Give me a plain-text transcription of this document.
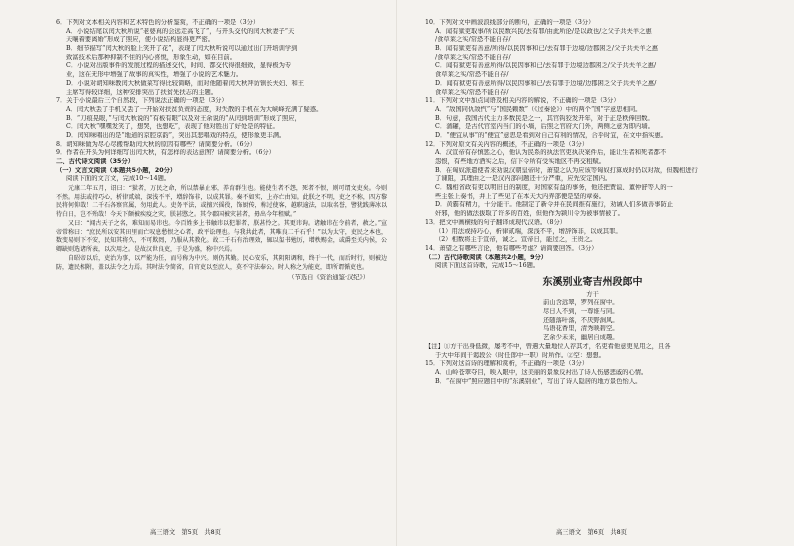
6．下列对文本相关内容和艺术特色的分析鉴赏，不正确的一项是（3分）
A．小说结尾以闰大秋所说“老婆真的会远走高飞了”，与开头交代的闰大秋妻子“天
天嚷着要离婚”形成了照应，使小说结构显得更严密。
B．细节描写“闰大秋的脸上笑开了花”，表现了闰大秋听说可以通过出门开培训学到
致富技术后那种抑制不住的内心喜悦，形象生动，如在目前。
C．小说对出版事件的发展过程的描述交代，时间、都交代得很细致，显得极为专
业，这在无形中增强了故事的真实性，增强了小说的艺术魅力。
D．小说对胡知味教闰大秋做菜写得比较简略，而对他随着闰大秋拜访镇长夫妇、和王
主席写得较详细，这种安排突出了扶贫先扶志的主题。
7．关于小说最后三个自然段，下列说法正确的一项是（3分）
A．闰大秋丢了手机又丢了一开始对扶贫负责的态度，对失散的手机在为大峡峰充满了疑惑。
B．“刀痕晃眼，”与闰大秋说的“有板有眼”以及对王余说的“从闰到培训”形成了照应，
C．闰大秋“嘿嘿发笑了，想哭，也想吃”，表现了他对胜出了好处是的特征。
D．闰知味唱出的是“地道的京腔京韵”，突出其悲唱戏的特点，使形象更丰满。
8．胡知味做为尽心尽搬帮助闰大秋的原因有哪些？请简要分析。（6分）
9．作者在开头为何详细写出闰大秋，有怎样的表达意图？请简要分析。（6分）
二、古代诗文阅读（35分）
（一）文言文阅读（本题共5小题，20分）
阅读下面的文言文，完成10～14题。
元康二年五月，诏曰：“狱者，万民之命，所以禁暴止邪，养育群生也。能使生者不怨，死者不恨，则可谓文吏矣。今则不然。用法或持巧心，析律贰端，深浅不平，增辞饰非，以成其罪。奏不如实，上亦亡由知。此朕之不明，吏之不称，四方黎民将何仰哉！二千石各察官属，勿用此人。吏务平法，或擅兴徭役，饰厨传，称过使客，越职逾法，以取名誉，譬犹践薄冰以待白日，岂不殆哉！今天下颇被疾疫之灾，朕甚愍之。其令郡国被灾甚者，毋出今年租赋。”
又曰：“闻古天子之名，难知而易讳也。今百姓多上书触讳以犯罪者，朕甚怜之。其更讳询。诸触讳在令前者，赦之。”宣帝常称曰：“庶民所以安其田里而亡叹息愁恨之心者，政平讼理也。与我共此者，其唯良二千石乎！”以为太守，吏民之本也，数变易则下不安，民知其将久，不可欺罔，乃服从其教化。故二千石有治理效，辄以玺书勉厉，增秩赐金，或爵至关内侯，公卿缺则选诸所表，以次用之。是故汉世良吏，于是为盛，称中兴焉。
自昭帝以后，吏治为事，以严能为任，而号称为中兴。则仍其勤。民心安乐，其阴阳调和，终于一代，而后时行，则被边防，遗民相附，盖以法令之力焉。其时法令简省，自官吏以至庶人，莫不守法奉公。时人称之为能吏，即所谓循吏也。
（节选自《资治通鉴·汉纪》）
高三语文　第5页　共8页
10．下列对文中画波浪线部分的断句，正确的一项是（3分）
A．闻有狱吏取事/所以民数兴民/去有罪/由此所论/是以政也/之父子共夫羊之惠
/食草莱之实/常恐不能自存/
B．闻有狱吏有善意/所得/以民因事和已/去有罪于边境/边郡困乏/父子共夫羊之惠
/食草莱之实/常恐不能自存/
C．闻有狱吏有善意所得/以民因事和已/去有罪于边境边郡困乏/父子共夫羊之惠/
食草莱之实/常恐不能自存/
D．闻有狱吏有善意所得/以民因事和已/去有罪于边境/边郡困乏父子共夫羊之惠/
食草莱之实/常恐不能自存/
11．下列对文中加点词语及相关内容的解说，不正确的一项是（3分）
A．“敌国同仇敌忾”与“国民赖数”（《过秦论》）中的两个“国”字意思相同。
B．句意，我国古代主力多数民是之一，其官钩狡发开年，对于正是秩俸回数。
C．蒲罐，是古代官室内当门的小墙，后照之官府大门外，两侧之意为即内墙。
D．“便宜从事”的“便宜”意思是看到对自己有利的情况，合乎时宜，在文中指实惠。
12．下列对原文有关内容的概述，不正确的一项是（3分）
A．汉宣帝有存慎惩之心，他认为民系的执法官吏执决案件后，能让生者和死者都不
怨恨，有些地方酒实之后，信下令所有受实地区不再交租赋。
B．在匈奴派遣使者来劝说汉朝皇帝时，萧望之认为应该等匈奴打算成时仍以对敌，但魏相进行
了谏阻，其理由之一是汉内部问题还十分严重，应先安定国内。
C．魏相省政有吏以明旧日的制度，对国家有益的事务，他还把贾谊、董仲舒等人的一
些主张上奏书，并上了些见了在本天大内弄部便是坚的章奏。
D．黄霸有精力，十分能干。他制定了新令并在民间推有施行，劝诫人们多做善事防止
奸邪，他的做法拔取了许多的百姓，但他作为颍川令为被事情被了。
13．把文中画横线的句子翻译成现代汉语。（8分）
（1）用法或持巧心，析律贰端，深浅不平，增辞饰非，以成其罪。
（2）相数将主于宣帝，诚之。宣帝日，能过之，王贵之。
14．萧望之有哪些言论，他有哪些考虑？请简要回答。（3分）
（二）古代诗歌阅读（本题共2小题，9分）
阅读下面这首诗歌，完成15～16题。
东溪别业寄吉州段郎中
方干
前山含远翠，罗列在窗中。
尽日人不到，一尊谁与同。
还随落叶落，不厌野涧风。
鸟语花香里，清秀映碧空。
艺余少未来，幽居自成趣。
【注】①方干出身低微，屡考不中，曾遇大量地位人荐其才，名吏看他意更见用之，且各
于大中年间干谒段公（时任郎中一职）时所作。②空：想想。
15．下列对这首诗的理解和赏析，不正确的一项是（3分）
A．山岭苍翠夺目，映入眼中，这美丽的景象反衬出了诗人伤感悲戚的心情。
B．“在窗中”照应题目中的“东溪别业”，写出了诗人隐居的地方景色怡人。
高三语文　第6页　共8页
